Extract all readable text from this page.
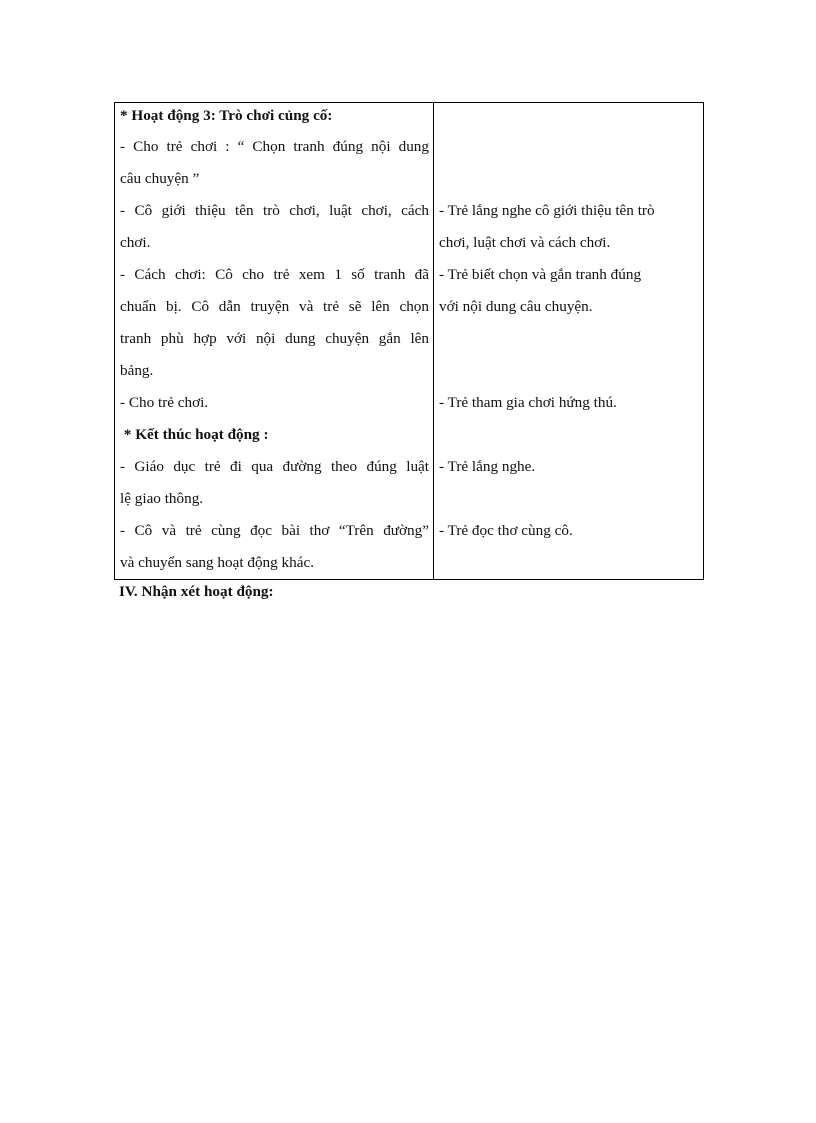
* Hoạt động 3: Trò chơi củng cố:
- Cho trẻ chơi : “ Chọn tranh đúng nội dung
câu chuyện ”
- Cô giới thiệu tên trò chơi, luật chơi, cách
chơi.
- Cách chơi: Cô cho trẻ xem 1 số tranh đã
chuẩn bị. Cô dẫn truyện và trẻ sẽ lên chọn
tranh phù hợp với nội dung chuyện gắn lên
bảng.
- Cho trẻ chơi.
* Kết thúc hoạt động :
- Giáo dục trẻ đi qua đường theo đúng luật
lệ giao thông.
- Cô và trẻ cùng đọc bài thơ “Trên đường”
và chuyển sang hoạt động khác.
- Trẻ lắng nghe cô giới thiệu tên trò
chơi, luật chơi và cách chơi.
- Trẻ biết chọn và gắn tranh đúng
với nội dung câu chuyện.
- Trẻ tham gia chơi hứng thú.
- Trẻ lắng nghe.
- Trẻ đọc thơ cùng cô.
IV. Nhận xét hoạt động:
